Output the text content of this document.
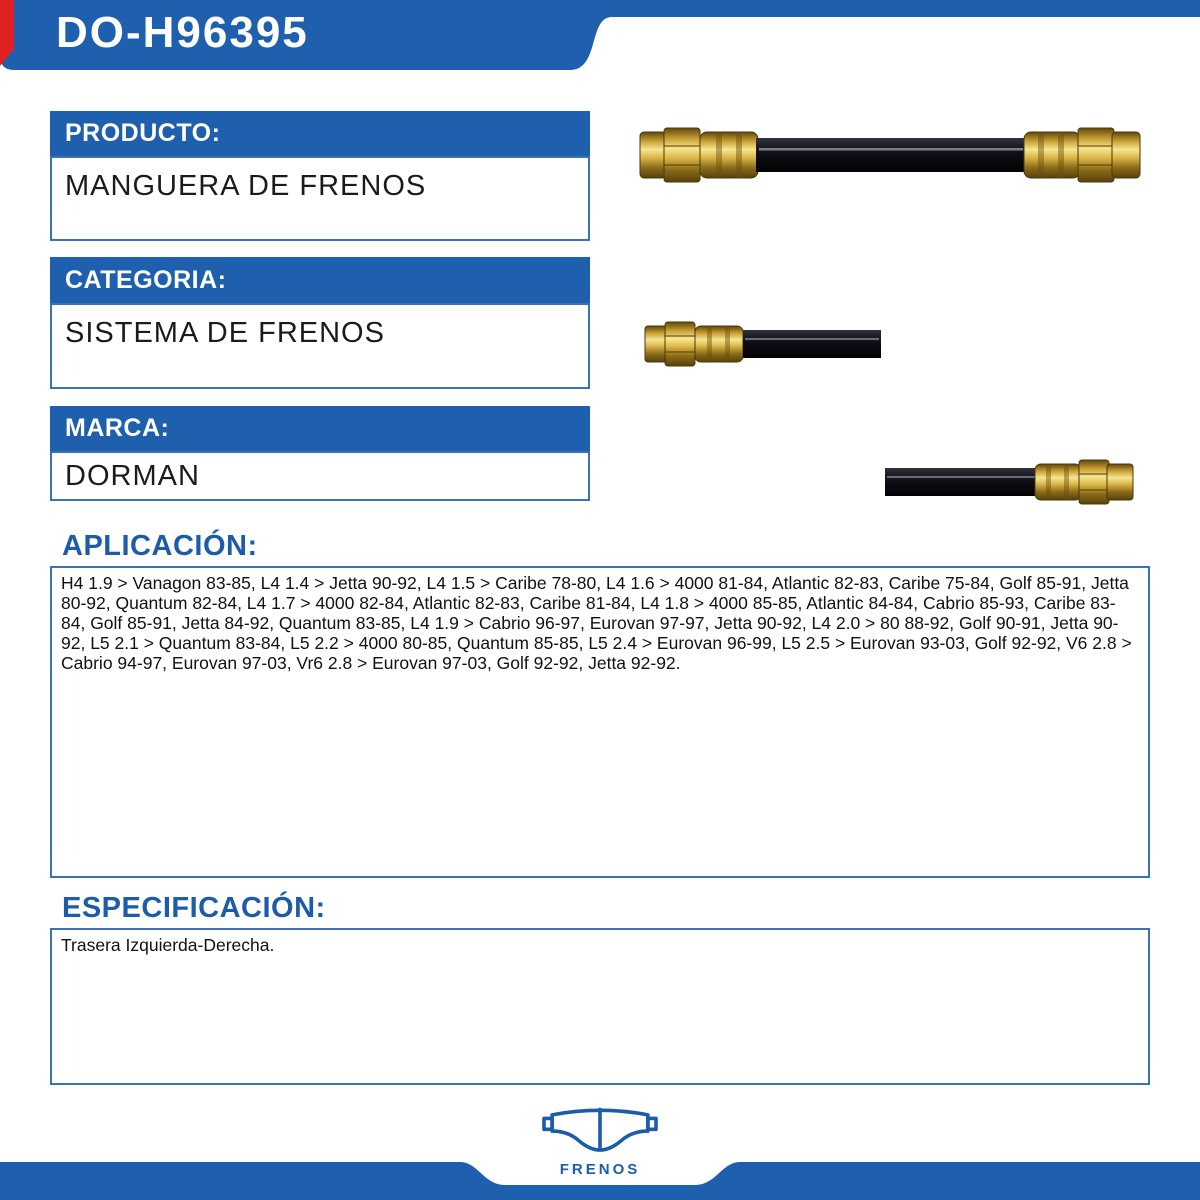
DO-H96395
PRODUCTO:
MANGUERA DE FRENOS
CATEGORIA:
SISTEMA DE FRENOS
MARCA:
DORMAN
APLICACIÓN:
H4 1.9 > Vanagon 83-85, L4 1.4 > Jetta 90-92, L4 1.5 > Caribe 78-80, L4 1.6 > 4000 81-84, Atlantic 82-83, Caribe 75-84, Golf 85-91, Jetta 80-92, Quantum 82-84, L4 1.7 > 4000 82-84, Atlantic 82-83, Caribe 81-84, L4 1.8 > 4000 85-85, Atlantic 84-84, Cabrio 85-93, Caribe 83-84, Golf 85-91, Jetta 84-92, Quantum 83-85, L4 1.9 > Cabrio 96-97, Eurovan 97-97, Jetta 90-92, L4 2.0 > 80 88-92, Golf 90-91, Jetta 90-92, L5 2.1 > Quantum 83-84, L5 2.2 > 4000 80-85, Quantum 85-85, L5 2.4 > Eurovan 96-99, L5 2.5 > Eurovan 93-03, Golf 92-92, V6 2.8 > Cabrio 94-97, Eurovan 97-03, Vr6 2.8 > Eurovan 97-03, Golf 92-92, Jetta 92-92.
ESPECIFICACIÓN:
Trasera Izquierda-Derecha.
FRENOS
